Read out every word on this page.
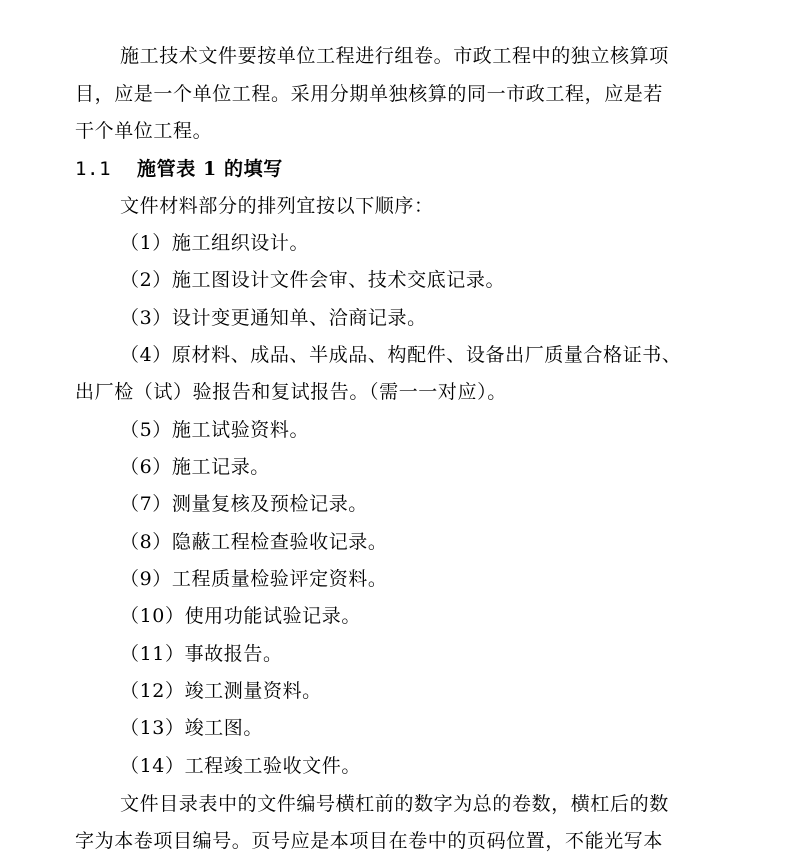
施工技术文件要按单位工程进行组卷。市政工程中的独立核算项
目，应是一个单位工程。采用分期单独核算的同一市政工程，应是若
干个单位工程。
1.1 施管表 1 的填写
文件材料部分的排列宜按以下顺序：
（1）施工组织设计。
（2）施工图设计文件会审、技术交底记录。
（3）设计变更通知单、洽商记录。
（4）原材料、成品、半成品、构配件、设备出厂质量合格证书、
出厂检（试）验报告和复试报告。（需一一对应）。
（5）施工试验资料。
（6）施工记录。
（7）测量复核及预检记录。
（8）隐蔽工程检查验收记录。
（9）工程质量检验评定资料。
（10）使用功能试验记录。
（11）事故报告。
（12）竣工测量资料。
（13）竣工图。
（14）工程竣工验收文件。
文件目录表中的文件编号横杠前的数字为总的卷数，横杠后的数
字为本卷项目编号。页号应是本项目在卷中的页码位置，不能光写本
